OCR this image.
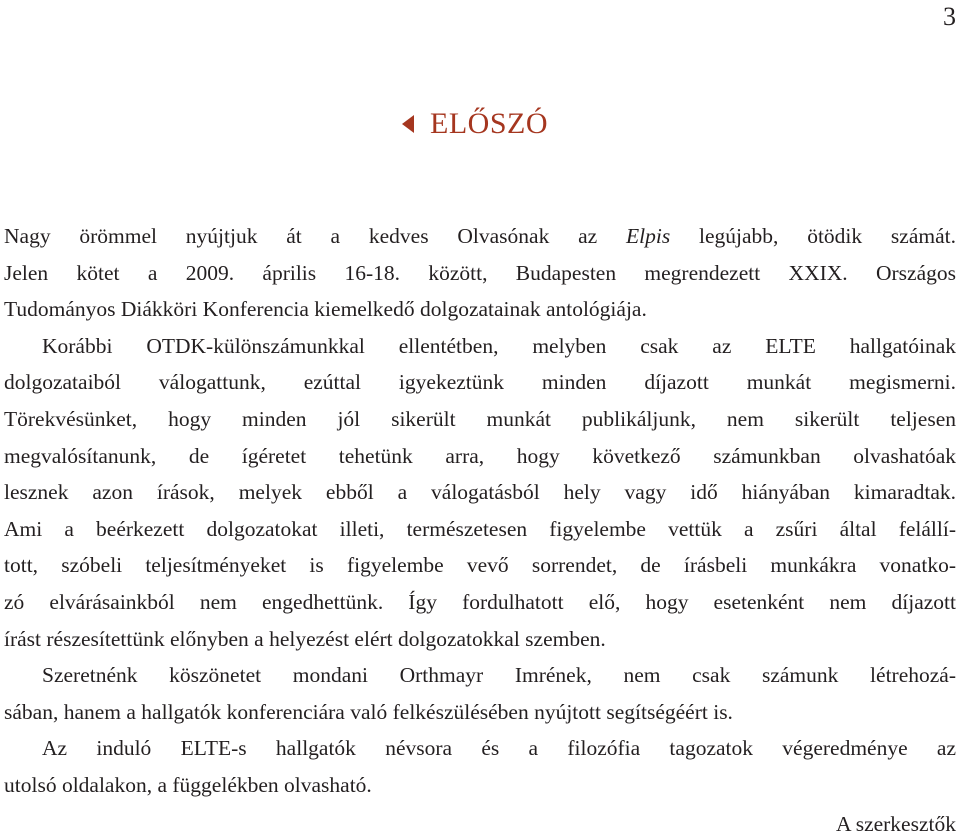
3
ELŐSZÓ
Nagy örömmel nyújtjuk át a kedves Olvasónak az Elpis legújabb, ötödik számát.
Jelen kötet a 2009. április 16-18. között, Budapesten megrendezett XXIX. Országos
Tudományos Diákköri Konferencia kiemelkedő dolgozatainak antológiája.
Korábbi OTDK-különszámunkkal ellentétben, melyben csak az ELTE hallgatóinak
dolgozataiból válogattunk, ezúttal igyekeztünk minden díjazott munkát megismerni.
Törekvésünket, hogy minden jól sikerült munkát publikáljunk, nem sikerült teljesen
megvalósítanunk, de ígéretet tehetünk arra, hogy következő számunkban olvashatóak
lesznek azon írások, melyek ebből a válogatásból hely vagy idő hiányában kimaradtak.
Ami a beérkezett dolgozatokat illeti, természetesen figyelembe vettük a zsűri által felállí-
tott, szóbeli teljesítményeket is figyelembe vevő sorrendet, de írásbeli munkákra vonatko-
zó elvárásainkból nem engedhettünk. Így fordulhatott elő, hogy esetenként nem díjazott
írást részesítettünk előnyben a helyezést elért dolgozatokkal szemben.
Szeretnénk köszönetet mondani Orthmayr Imrének, nem csak számunk létrehozá-
sában, hanem a hallgatók konferenciára való felkészülésében nyújtott segítségéért is.
Az induló ELTE-s hallgatók névsora és a filozófia tagozatok végeredménye az
utolsó oldalakon, a függelékben olvasható.
A szerkesztők
